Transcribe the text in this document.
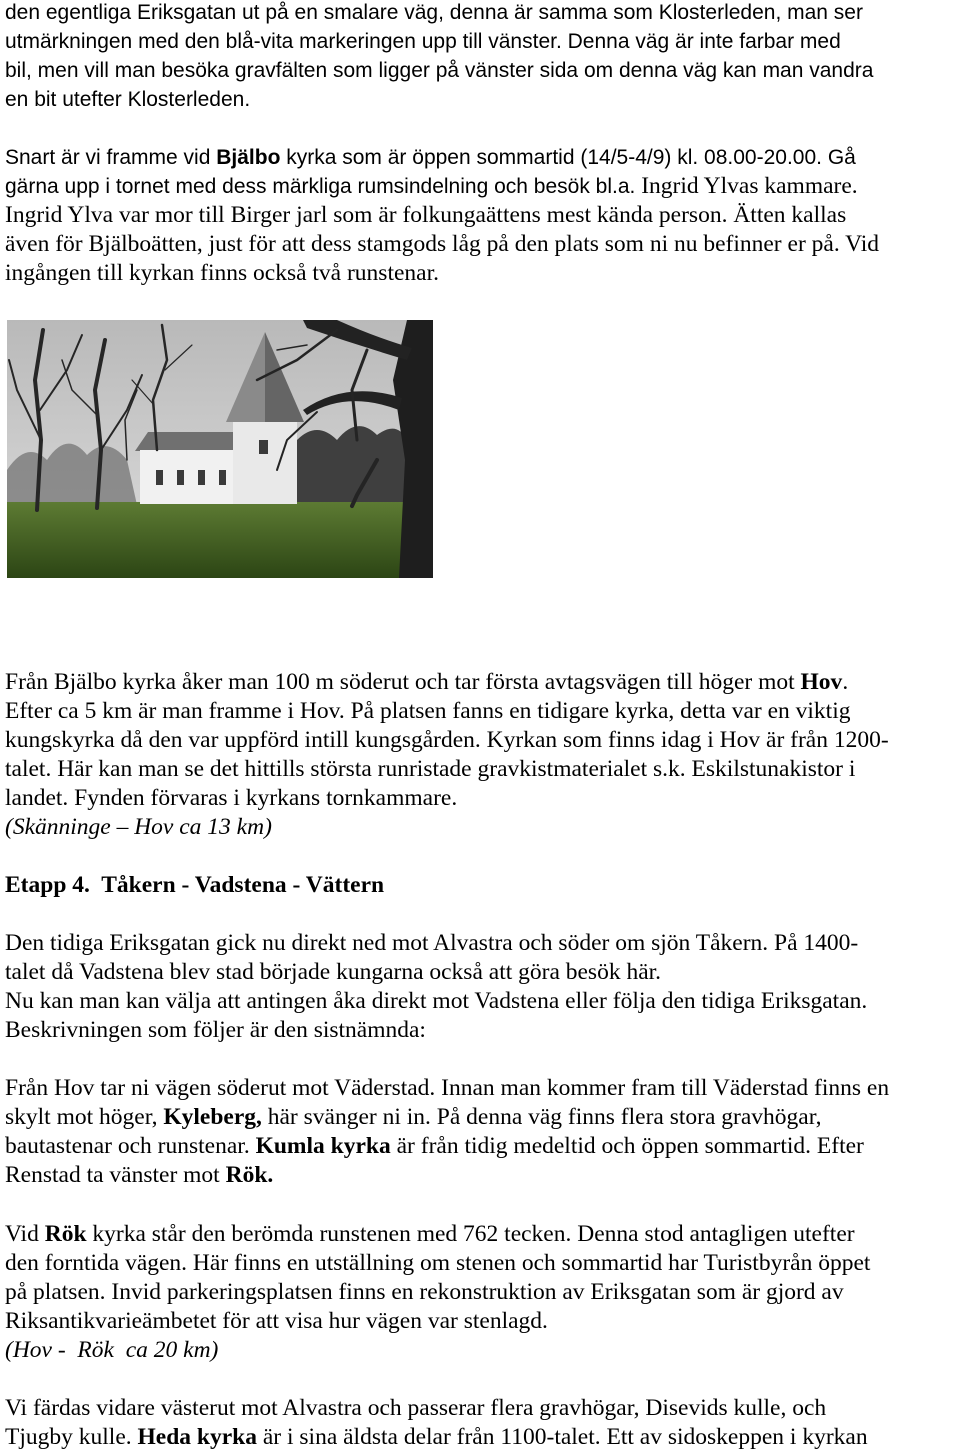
den egentliga Eriksgatan ut på en smalare väg, denna är samma som Klosterleden, man ser
utmärkningen med den blå-vita markeringen upp till vänster. Denna väg är inte farbar med
bil, men vill man besöka gravfälten som ligger på vänster sida om denna väg kan man vandra
en bit utefter Klosterleden.
Snart är vi framme vid Bjälbo kyrka som är öppen sommartid (14/5-4/9) kl. 08.00-20.00. Gå
gärna upp i tornet med dess märkliga rumsindelning och besök bl.a. Ingrid Ylvas kammare.
Ingrid Ylva var mor till Birger jarl som är folkungaättens mest kända person. Ätten kallas
även för Bjälboätten, just för att dess stamgods låg på den plats som ni nu befinner er på. Vid
ingången till kyrkan finns också två runstenar.
Från Bjälbo kyrka åker man 100 m söderut och tar första avtagsvägen till höger mot Hov.
Efter ca 5 km är man framme i Hov. På platsen fanns en tidigare kyrka, detta var en viktig
kungskyrka då den var uppförd intill kungsgården. Kyrkan som finns idag i Hov är från 1200-
talet. Här kan man se det hittills största runristade gravkistmaterialet s.k. Eskilstunakistor i
landet. Fynden förvaras i kyrkans tornkammare.
(Skänninge – Hov ca 13 km)
Etapp 4.  Tåkern - Vadstena - Vättern
Den tidiga Eriksgatan gick nu direkt ned mot Alvastra och söder om sjön Tåkern. På 1400-
talet då Vadstena blev stad började kungarna också att göra besök här.
Nu kan man kan välja att antingen åka direkt mot Vadstena eller följa den tidiga Eriksgatan.
Beskrivningen som följer är den sistnämnda:
Från Hov tar ni vägen söderut mot Väderstad. Innan man kommer fram till Väderstad finns en
skylt mot höger, Kyleberg, här svänger ni in. På denna väg finns flera stora gravhögar,
bautastenar och runstenar. Kumla kyrka är från tidig medeltid och öppen sommartid. Efter
Renstad ta vänster mot Rök.
Vid Rök kyrka står den berömda runstenen med 762 tecken. Denna stod antagligen utefter
den forntida vägen. Här finns en utställning om stenen och sommartid har Turistbyrån öppet
på platsen. Invid parkeringsplatsen finns en rekonstruktion av Eriksgatan som är gjord av
Riksantikvarieämbetet för att visa hur vägen var stenlagd.
(Hov -  Rök  ca 20 km)
Vi färdas vidare västerut mot Alvastra och passerar flera gravhögar, Disevids kulle, och
Tjugby kulle. Heda kyrka är i sina äldsta delar från 1100-talet. Ett av sidoskeppen i kyrkan
